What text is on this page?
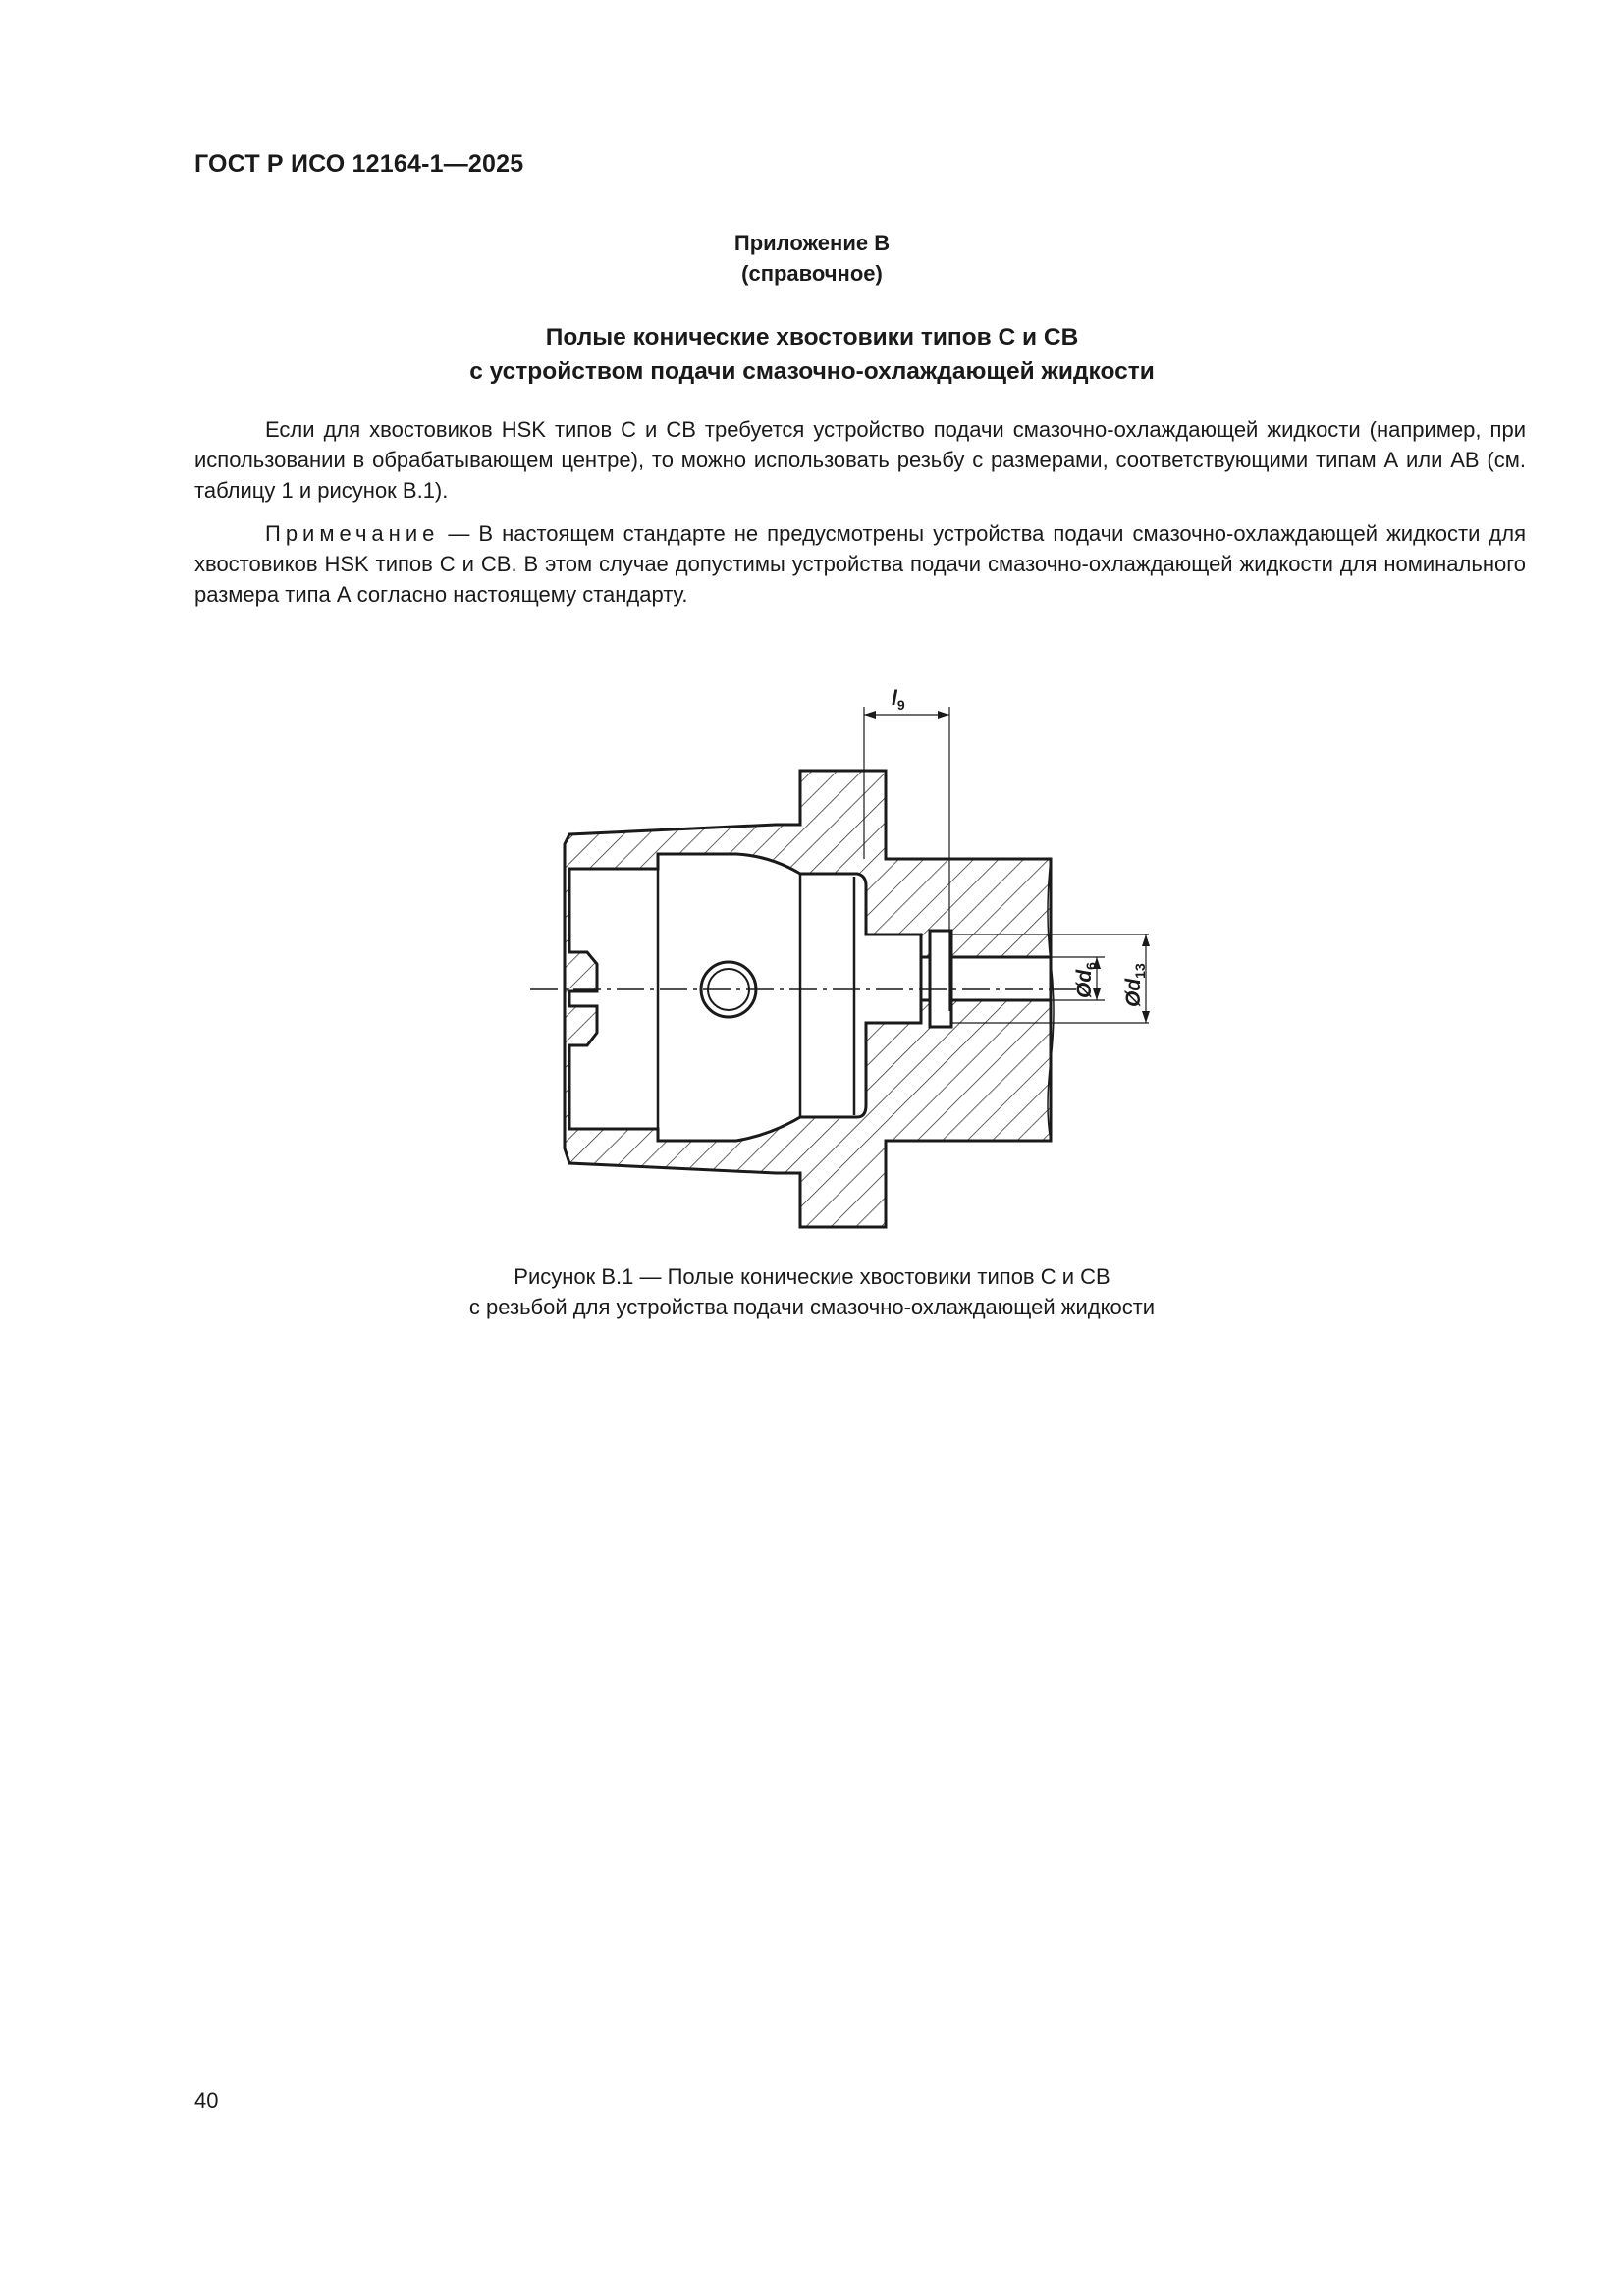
ГОСТ Р ИСО 12164-1—2025
Приложение В
(справочное)
Полые конические хвостовики типов С и СВ
с устройством подачи смазочно-охлаждающей жидкости

Если для хвостовиков HSK типов С и СВ требуется устройство подачи смазочно-охлаждающей жидкости (например, при использовании в обрабатывающем центре), то можно использовать резьбу с размерами, соответствующими типам А или АВ (см. таблицу 1 и рисунок В.1).

Примечание — В настоящем стандарте не предусмотрены устройства подачи смазочно-охлаждающей жидкости для хвостовиков HSK типов С и СВ. В этом случае допустимы устройства подачи смазочно-охлаждающей жидкости для номинального размера типа А согласно настоящему стандарту.

$l_9$
$Ød_6$
$Ød_{13}$
Рисунок В.1 — Полые конические хвостовики типов С и СВ
с резьбой для устройства подачи смазочно-охлаждающей жидкости
40
